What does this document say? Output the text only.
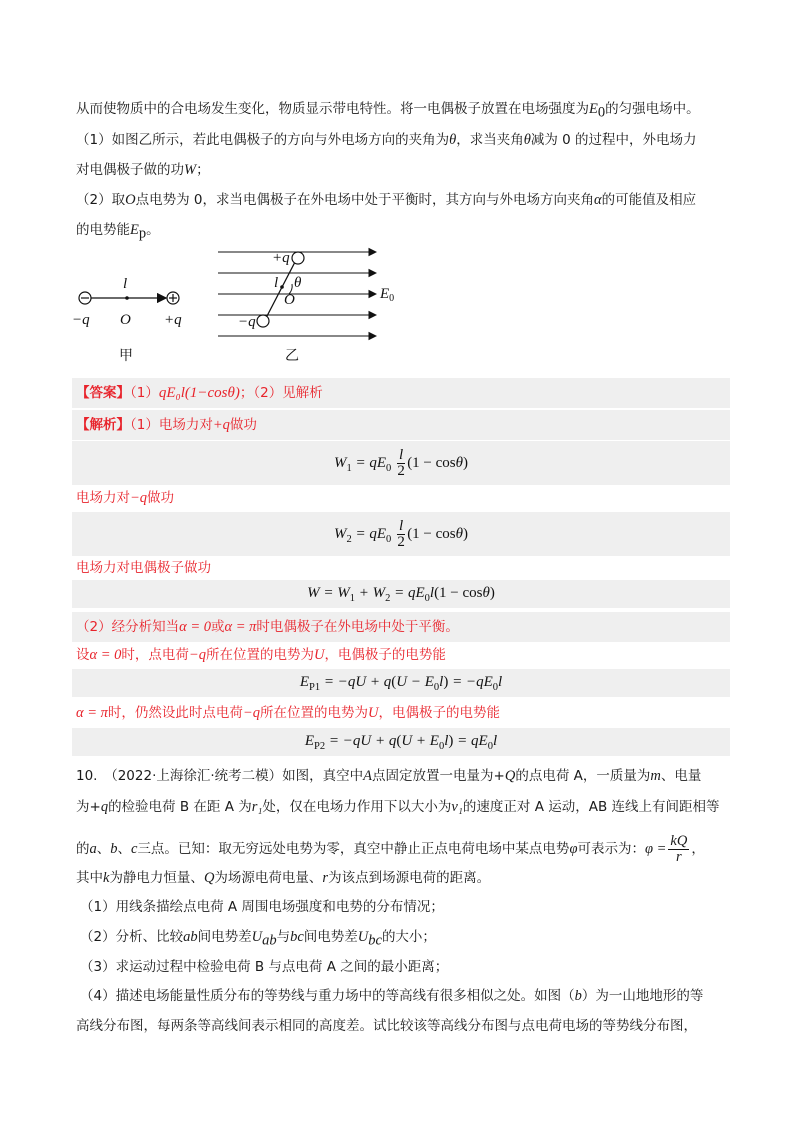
从而使物质中的合电场发生变化，物质显示带电特性。将一电偶极子放置在电场强度为$E_0$的匀强电场中。
（1）如图乙所示，若此电偶极子的方向与外电场方向的夹角为θ，求当夹角θ减为 0 的过程中，外电场力
对电偶极子做的功W；
（2）取O点电势为 0，求当电偶极子在外电场中处于平衡时，其方向与外电场方向夹角α的可能值及相应
的电势能$E_p$。
l
−q O +q
甲
+q
l θ
O
−q
$E_0$
乙
【答案】（1）qE₀l(1−cosθ)；（2）见解析
【解析】（1）电场力对+q做功
$W_1 = qE_0 \frac{l}{2} (1 - \cos\theta)$
电场力对−q做功
$W_2 = qE_0 \frac{l}{2} (1 - \cos\theta)$
电场力对电偶极子做功
$W = W_1 + W_2 = qE_0l(1 - \cos\theta)$
（2）经分析知当α = 0或α = π时电偶极子在外电场中处于平衡。
设α = 0时，点电荷−q所在位置的电势为U，电偶极子的电势能
$E_{P1} = -qU + q(U - E_0l) = -qE_0l$
α = π时，仍然设此时点电荷−q所在位置的电势为U，电偶极子的电势能
$E_{P2} = -qU + q(U + E_0l) = qE_0l$
10.　（2022·上海徐汇·统考二模）如图，真空中A点固定放置一电量为+Q的点电荷 A，一质量为m、电量
为+q的检验电荷 B 在距 A 为r₁处，仅在电场力作用下以大小为v₁的速度正对 A 运动，AB 连线上有间距相等
的a、b、c三点。已知：取无穷远处电势为零，真空中静止正点电荷电场中某点电势φ可表示为：$\varphi = \frac{kQ}{r}$ ，
其中k为静电力恒量、Q为场源电荷电量、r为该点到场源电荷的距离。
（1）用线条描绘点电荷 A 周围电场强度和电势的分布情况；
（2）分析、比较ab间电势差$U_{ab}$与bc间电势差$U_{bc}$的大小；
（3）求运动过程中检验电荷 B 与点电荷 A 之间的最小距离；
（4）描述电场能量性质分布的等势线与重力场中的等高线有很多相似之处。如图（b）为一山地地形的等
高线分布图，每两条等高线间表示相同的高度差。试比较该等高线分布图与点电荷电场的等势线分布图，
